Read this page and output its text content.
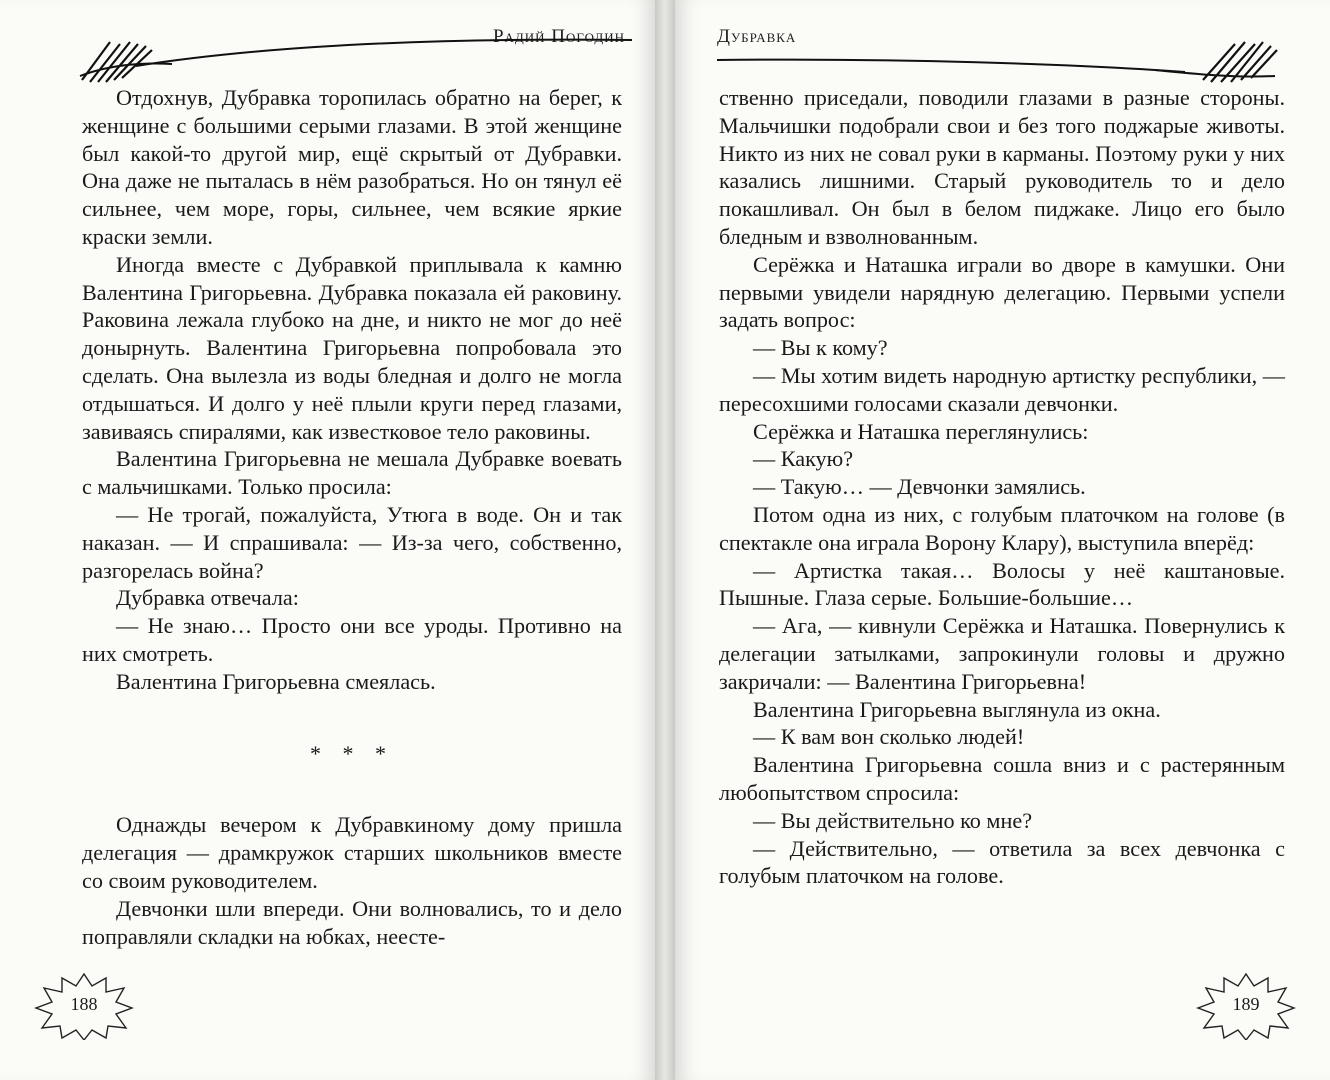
Радий Погодин

Отдохнув, Дубравка торопилась обратно на берег, к женщине с большими серыми глазами. В этой женщине был какой-то другой мир, ещё скрытый от Дубравки. Она даже не пыталась в нём разобраться. Но он тянул её сильнее, чем море, горы, сильнее, чем всякие яркие краски земли.

Иногда вместе с Дубравкой приплывала к камню Валентина Григорьевна. Дубравка показала ей раковину. Раковина лежала глубоко на дне, и никто не мог до неё донырнуть. Валентина Григорьевна попробовала это сделать. Она вылезла из воды бледная и долго не могла отдышаться. И долго у неё плыли круги перед глазами, завиваясь спиралями, как известковое тело раковины.

Валентина Григорьевна не мешала Дубравке воевать с мальчишками. Только просила:

— Не трогай, пожалуйста, Утюга в воде. Он и так наказан. — И спрашивала: — Из-за чего, собственно, разгорелась война?

Дубравка отвечала:

— Не знаю… Просто они все уроды. Противно на них смотреть.

Валентина Григорьевна смеялась.

* * *

Однажды вечером к Дубравкиному дому пришла делегация — драмкружок старших школьников вместе со своим руководителем.

Девчонки шли впереди. Они волновались, то и дело поправляли складки на юбках, неесте-

188
Дубравка

ственно приседали, поводили глазами в разные стороны. Мальчишки подобрали свои и без того поджарые животы. Никто из них не совал руки в карманы. Поэтому руки у них казались лишними. Старый руководитель то и дело покашливал. Он был в белом пиджаке. Лицо его было бледным и взволнованным.

Серёжка и Наташка играли во дворе в камушки. Они первыми увидели нарядную делегацию. Первыми успели задать вопрос:

— Вы к кому?

— Мы хотим видеть народную артистку республики, — пересохшими голосами сказали девчонки.

Серёжка и Наташка переглянулись:

— Какую?

— Такую… — Девчонки замялись.

Потом одна из них, с голубым платочком на голове (в спектакле она играла Ворону Клару), выступила вперёд:

— Артистка такая… Волосы у неё каштановые. Пышные. Глаза серые. Большие-большие…

— Ага, — кивнули Серёжка и Наташка. Повернулись к делегации затылками, запрокинули головы и дружно закричали: — Валентина Григорьевна!

Валентина Григорьевна выглянула из окна.

— К вам вон сколько людей!

Валентина Григорьевна сошла вниз и с растерянным любопытством спросила:

— Вы действительно ко мне?

— Действительно, — ответила за всех девчонка с голубым платочком на голове.

189
